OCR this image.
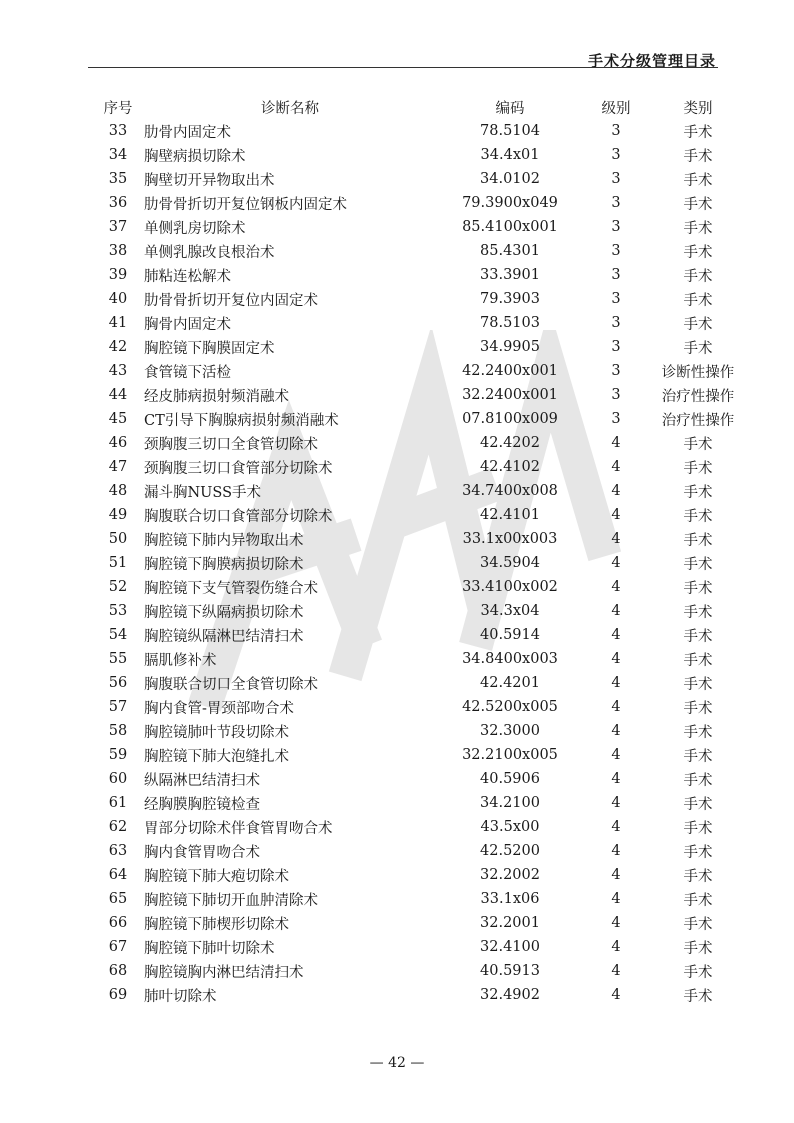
手术分级管理目录
序号	诊断名称	编码	级别	类别
33	肋骨内固定术	78.5104	3	手术
34	胸壁病损切除术	34.4x01	3	手术
35	胸壁切开异物取出术	34.0102	3	手术
36	肋骨骨折切开复位钢板内固定术	79.3900x049	3	手术
37	单侧乳房切除术	85.4100x001	3	手术
38	单侧乳腺改良根治术	85.4301	3	手术
39	肺粘连松解术	33.3901	3	手术
40	肋骨骨折切开复位内固定术	79.3903	3	手术
41	胸骨内固定术	78.5103	3	手术
42	胸腔镜下胸膜固定术	34.9905	3	手术
43	食管镜下活检	42.2400x001	3	诊断性操作
44	经皮肺病损射频消融术	32.2400x001	3	治疗性操作
45	CT引导下胸腺病损射频消融术	07.8100x009	3	治疗性操作
46	颈胸腹三切口全食管切除术	42.4202	4	手术
47	颈胸腹三切口食管部分切除术	42.4102	4	手术
48	漏斗胸NUSS手术	34.7400x008	4	手术
49	胸腹联合切口食管部分切除术	42.4101	4	手术
50	胸腔镜下肺内异物取出术	33.1x00x003	4	手术
51	胸腔镜下胸膜病损切除术	34.5904	4	手术
52	胸腔镜下支气管裂伤缝合术	33.4100x002	4	手术
53	胸腔镜下纵隔病损切除术	34.3x04	4	手术
54	胸腔镜纵隔淋巴结清扫术	40.5914	4	手术
55	膈肌修补术	34.8400x003	4	手术
56	胸腹联合切口全食管切除术	42.4201	4	手术
57	胸内食管-胃颈部吻合术	42.5200x005	4	手术
58	胸腔镜肺叶节段切除术	32.3000	4	手术
59	胸腔镜下肺大泡缝扎术	32.2100x005	4	手术
60	纵隔淋巴结清扫术	40.5906	4	手术
61	经胸膜胸腔镜检查	34.2100	4	手术
62	胃部分切除术伴食管胃吻合术	43.5x00	4	手术
63	胸内食管胃吻合术	42.5200	4	手术
64	胸腔镜下肺大疱切除术	32.2002	4	手术
65	胸腔镜下肺切开血肿清除术	33.1x06	4	手术
66	胸腔镜下肺楔形切除术	32.2001	4	手术
67	胸腔镜下肺叶切除术	32.4100	4	手术
68	胸腔镜胸内淋巴结清扫术	40.5913	4	手术
69	肺叶切除术	32.4902	4	手术
— 42 —
